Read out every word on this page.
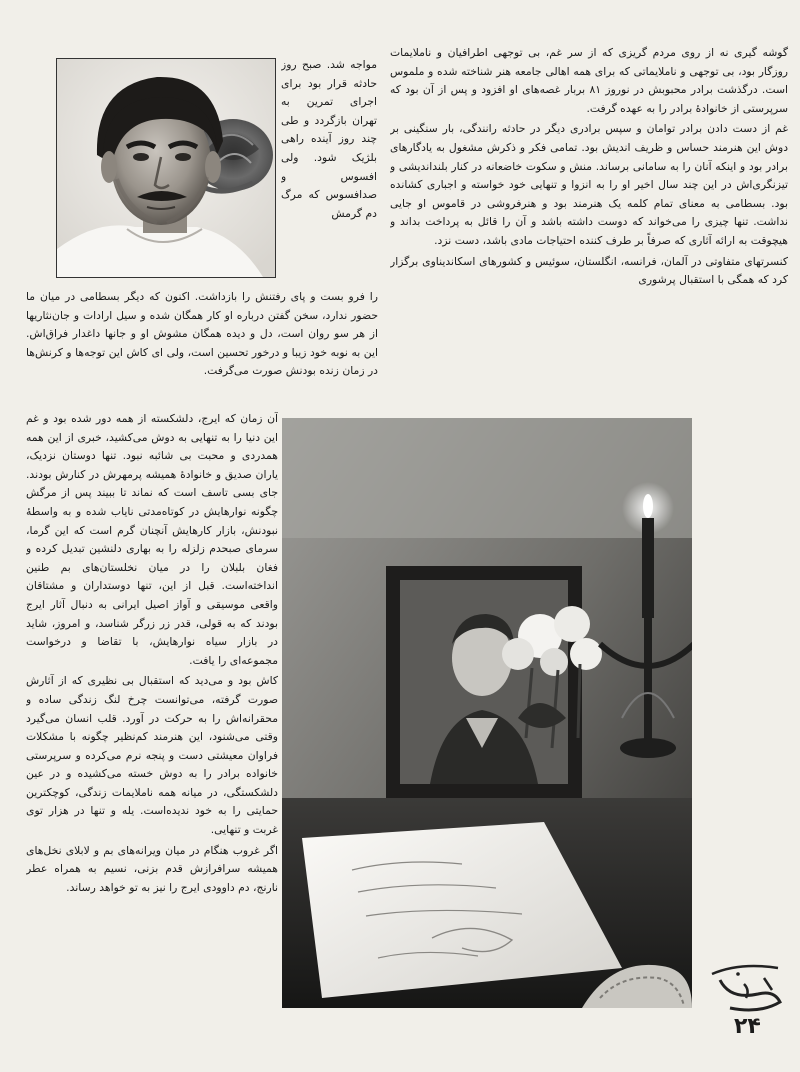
گوشه گیری نه از روی مردم گریزی که از سر غم، بی توجهی اطرافیان و ناملایمات روزگار بود، بی توجهی و ناملایماتی که برای همه اهالی جامعه هنر شناخته شده و ملموس است. درگذشت برادر محبوبش در نوروز ۸۱ بربار غصه‌های او افزود و پس از آن بود که سرپرستی از خانوادهٔ برادر را به عهده گرفت.

غم از دست دادن برادر توامان و سپس برادری دیگر در حادثه رانندگی، بار سنگینی بر دوش این هنرمند حساس و ظریف اندیش بود. تمامی فکر و ذکرش مشغول به یادگارهای برادر بود و اینکه آنان را به سامانی برساند. منش و سکوت خاضعانه در کنار بلنداندیشی و تیزنگری‌اش در این چند سال اخیر او را به انزوا و تنهایی خود خواسته و اجباری کشانده بود. بسطامی به معنای تمام کلمه یک هنرمند بود و هنرفروشی در قاموس او جایی نداشت. تنها چیزی را می‌خواند که دوست داشته باشد و آن را قائل به پرداخت بداند و هیچوقت به ارائه آثاری که صرفاً بر طرف کننده احتیاجات مادی باشد، دست نزد.

کنسرتهای متفاوتی در آلمان، فرانسه، انگلستان، سوئیس و کشورهای اسکاندیناوی برگزار کرد که همگی با استقبال پرشوری

مواجه شد. صبح روز حادثه قرار بود برای اجرای تمرین به تهران بازگردد و طی چند روز آینده راهی بلژیک شود. ولی افسوس و صدافسوس که مرگ دم گرمش

را فرو بست و پای رفتنش را بازداشت. اکنون که دیگر بسطامی در میان ما حضور ندارد، سخن گفتن درباره او کار همگان شده و سیل ارادات و جان‌نثاریها از هر سو روان است، دل و دیده همگان مشوش او و جانها داغدار فراق‌اش. این به نوبه خود زیبا و درخور تحسین است، ولی ای کاش این توجه‌ها و کرنش‌ها در زمان زنده بودنش صورت می‌گرفت.

آن زمان که ایرج، دلشکسته از همه دور شده بود و غم این دنیا را به تنهایی به دوش می‌کشید، خبری از این همه همدردی و محبت بی شائبه نبود. تنها دوستان نزدیک، یاران صدیق و خانوادهٔ همیشه پرمهرش در کنارش بودند. جای بسی تاسف است که نماند تا ببیند پس از مرگش چگونه نوارهایش در کوتاه‌مدتی نایاب شده و به واسطهٔ نبودنش، بازار کارهایش آنچنان گرم است که این گرما، سرمای صبحدم زلزله را به بهاری دلنشین تبدیل کرده و فغان بلبلان را در میان نخلستان‌های بم طنین انداخته‌است. قبل از این، تنها دوستداران و مشتاقان واقعی موسیقی و آواز اصیل ایرانی به دنبال آثار ایرج بودند که به قولی، قدر زر زرگر شناسد، و امروز، شاید در بازار سیاه نوارهایش، با تقاضا و درخواست مجموعه‌ای را یافت.

کاش بود و می‌دید که استقبال بی نظیری که از آثارش صورت گرفته، می‌توانست چرخ لنگ زندگی ساده و محقرانه‌اش را به حرکت در آورد. قلب انسان می‌گیرد وقتی می‌شنود، این هنرمند کم‌نظیر چگونه با مشکلات فراوان معیشتی دست و پنجه نرم می‌کرده و سرپرستی خانواده برادر را به دوش خسته می‌کشیده و در عین دلشکستگی، در میانه همه ناملایمات زندگی، کوچکترین حمایتی را به خود ندیده‌است. یله و تنها در هزار توی غربت و تنهایی.

اگر غروب هنگام در میان ویرانه‌های بم و لابلای نخل‌های همیشه سرافرازش قدم بزنی، نسیم به همراه عطر نارنج، دم داوودی ایرج را نیز به تو خواهد رساند.

۲۴
